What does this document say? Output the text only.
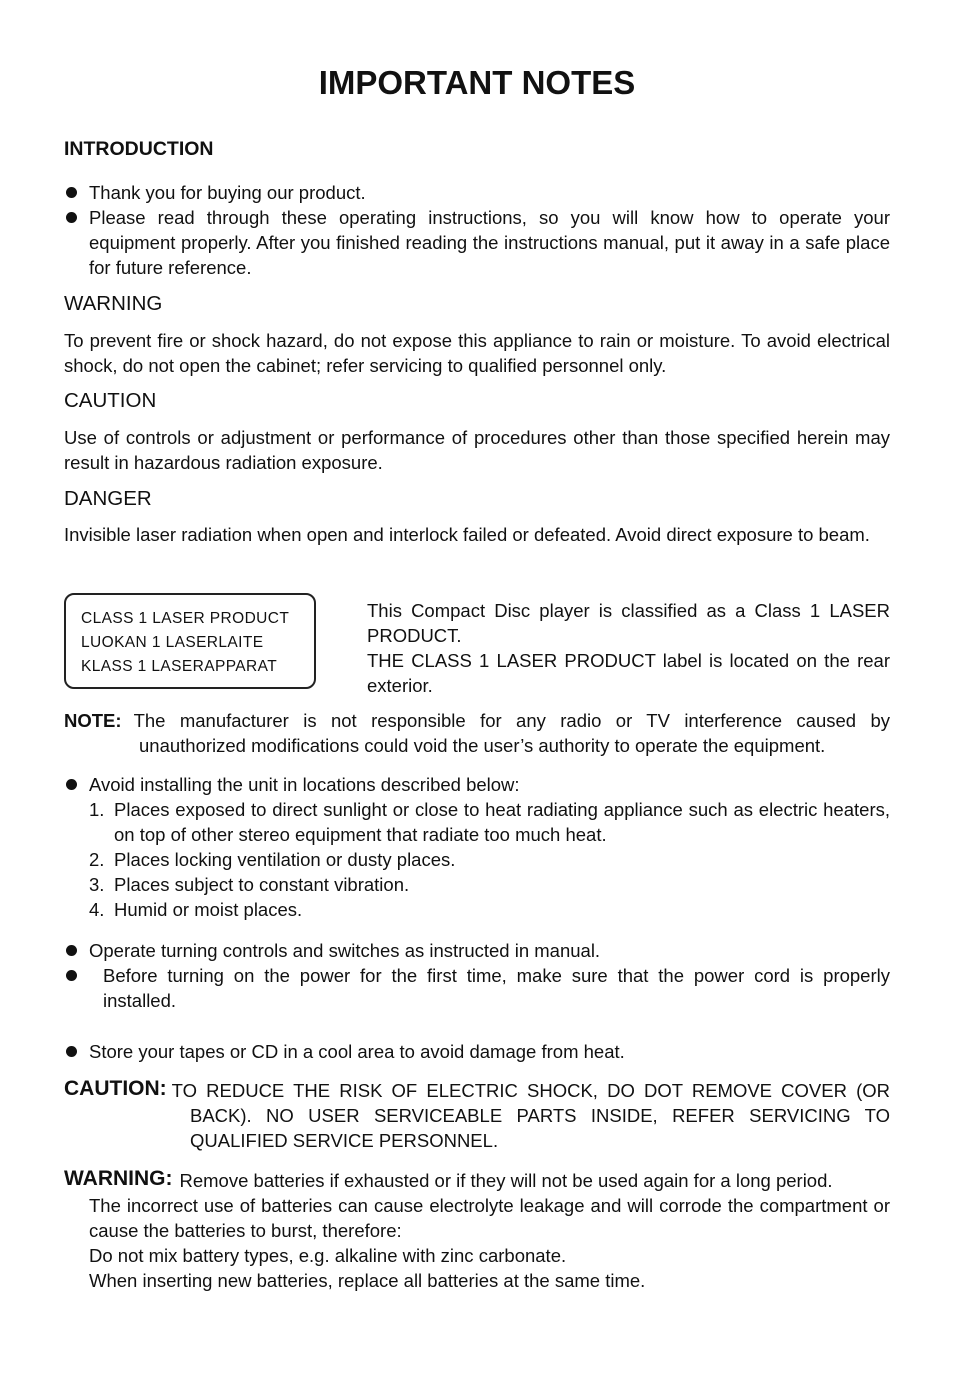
IMPORTANT NOTES
INTRODUCTION
Thank you for buying our product.
Please read through these operating instructions, so you will know how to operate your equipment properly. After you finished reading the instructions manual, put it away in a safe place for future reference.
WARNING
To prevent fire or shock hazard, do not expose this appliance to rain or moisture. To avoid electrical shock, do not open the cabinet; refer servicing to qualified personnel only.
CAUTION
Use of controls or adjustment or performance of procedures other than those specified herein may result in hazardous radiation exposure.
DANGER
Invisible laser radiation when open and interlock failed or defeated. Avoid direct exposure to beam.
CLASS 1 LASER PRODUCT
LUOKAN 1 LASERLAITE
KLASS 1 LASERAPPARAT
This Compact Disc player is classified as a Class 1 LASER PRODUCT.
THE CLASS 1 LASER PRODUCT label is located on the rear exterior.
NOTE: The manufacturer is not responsible for any radio or TV interference caused by
unauthorized modifications could void the user’s authority to operate the equipment.
Avoid installing the unit in locations described below:
1. Places exposed to direct sunlight or close to heat radiating appliance such as electric heaters, on top of other stereo equipment that radiate too much heat.
2. Places locking ventilation or dusty places.
3. Places subject to constant vibration.
4. Humid or moist places.
Operate turning controls and switches as instructed in manual.
Before turning on the power for the first time, make sure that the power cord is properly installed.
Store your tapes or CD in a cool area to avoid damage from heat.
CAUTION: TO REDUCE THE RISK OF ELECTRIC SHOCK, DO DOT REMOVE COVER (OR
BACK). NO USER SERVICEABLE PARTS INSIDE, REFER SERVICING TO QUALIFIED SERVICE PERSONNEL.
WARNING: Remove batteries if exhausted or if they will not be used again for a long period.
The incorrect use of batteries can cause electrolyte leakage and will corrode the compartment or cause the batteries to burst, therefore:
Do not mix battery types, e.g. alkaline with zinc carbonate.
When inserting new batteries, replace all batteries at the same time.
